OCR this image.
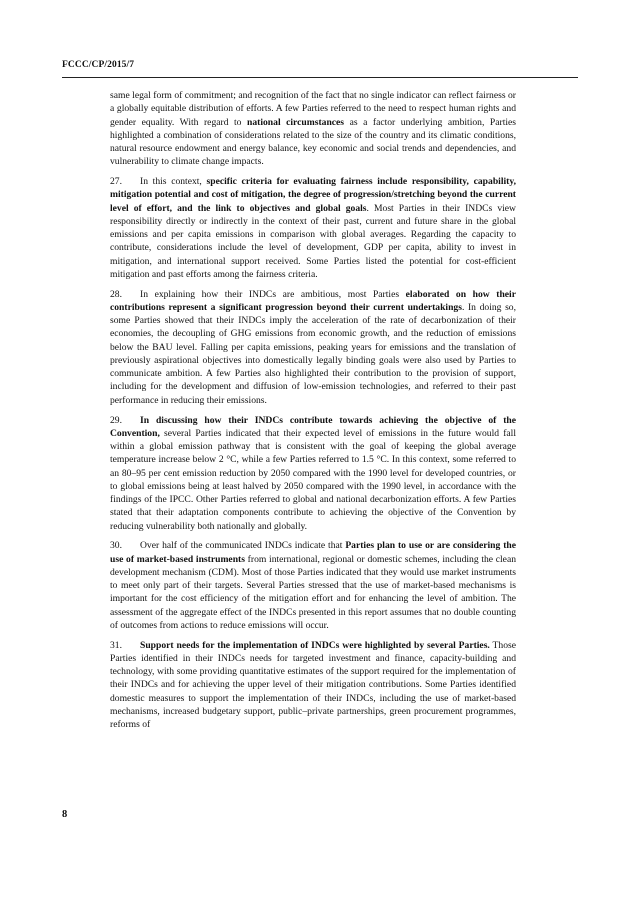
FCCC/CP/2015/7

same legal form of commitment; and recognition of the fact that no single indicator can reflect fairness or a globally equitable distribution of efforts. A few Parties referred to the need to respect human rights and gender equality. With regard to national circumstances as a factor underlying ambition, Parties highlighted a combination of considerations related to the size of the country and its climatic conditions, natural resource endowment and energy balance, key economic and social trends and dependencies, and vulnerability to climate change impacts.

27. In this context, specific criteria for evaluating fairness include responsibility, capability, mitigation potential and cost of mitigation, the degree of progression/stretching beyond the current level of effort, and the link to objectives and global goals. Most Parties in their INDCs view responsibility directly or indirectly in the context of their past, current and future share in the global emissions and per capita emissions in comparison with global averages. Regarding the capacity to contribute, considerations include the level of development, GDP per capita, ability to invest in mitigation, and international support received. Some Parties listed the potential for cost-efficient mitigation and past efforts among the fairness criteria.

28. In explaining how their INDCs are ambitious, most Parties elaborated on how their contributions represent a significant progression beyond their current undertakings. In doing so, some Parties showed that their INDCs imply the acceleration of the rate of decarbonization of their economies, the decoupling of GHG emissions from economic growth, and the reduction of emissions below the BAU level. Falling per capita emissions, peaking years for emissions and the translation of previously aspirational objectives into domestically legally binding goals were also used by Parties to communicate ambition. A few Parties also highlighted their contribution to the provision of support, including for the development and diffusion of low-emission technologies, and referred to their past performance in reducing their emissions.

29. In discussing how their INDCs contribute towards achieving the objective of the Convention, several Parties indicated that their expected level of emissions in the future would fall within a global emission pathway that is consistent with the goal of keeping the global average temperature increase below 2 °C, while a few Parties referred to 1.5 °C. In this context, some referred to an 80–95 per cent emission reduction by 2050 compared with the 1990 level for developed countries, or to global emissions being at least halved by 2050 compared with the 1990 level, in accordance with the findings of the IPCC. Other Parties referred to global and national decarbonization efforts. A few Parties stated that their adaptation components contribute to achieving the objective of the Convention by reducing vulnerability both nationally and globally.

30. Over half of the communicated INDCs indicate that Parties plan to use or are considering the use of market-based instruments from international, regional or domestic schemes, including the clean development mechanism (CDM). Most of those Parties indicated that they would use market instruments to meet only part of their targets. Several Parties stressed that the use of market-based mechanisms is important for the cost efficiency of the mitigation effort and for enhancing the level of ambition. The assessment of the aggregate effect of the INDCs presented in this report assumes that no double counting of outcomes from actions to reduce emissions will occur.

31. Support needs for the implementation of INDCs were highlighted by several Parties. Those Parties identified in their INDCs needs for targeted investment and finance, capacity-building and technology, with some providing quantitative estimates of the support required for the implementation of their INDCs and for achieving the upper level of their mitigation contributions. Some Parties identified domestic measures to support the implementation of their INDCs, including the use of market-based mechanisms, increased budgetary support, public–private partnerships, green procurement programmes, reforms of

8
